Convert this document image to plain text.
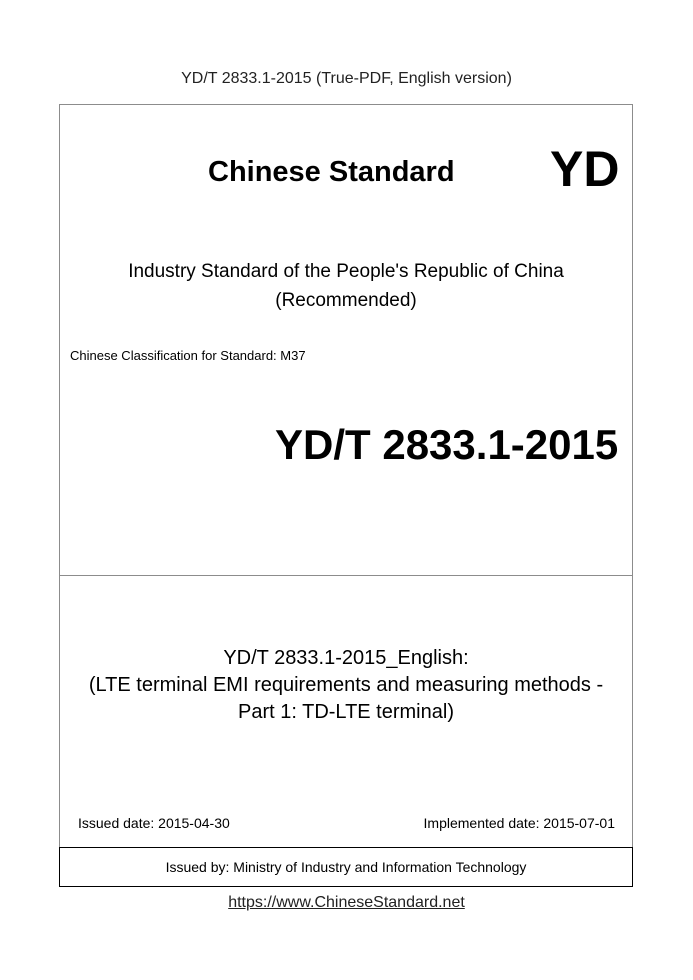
YD/T 2833.1-2015 (True-PDF, English version)
Issued by: Ministry of Industry and Information Technology
Chinese Standard YD
Industry Standard of the People's Republic of China
(Recommended)
Chinese Classification for Standard: M37
YD/T 2833.1-2015
YD/T 2833.1-2015_English:
(LTE terminal EMI requirements and measuring methods -
Part 1: TD-LTE terminal)
Issued date: 2015-04-30	Implemented date: 2015-07-01
https://www.ChineseStandard.net
